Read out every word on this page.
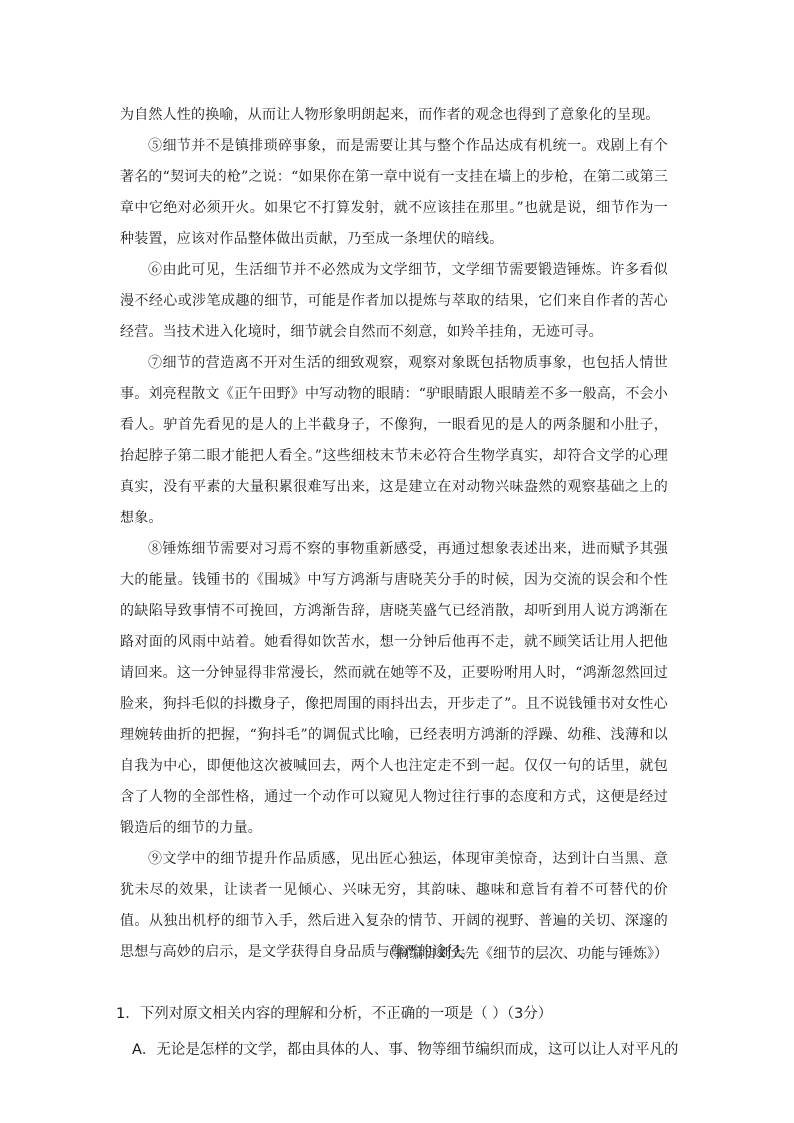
为自然人性的换喻，从而让人物形象明朗起来，而作者的观念也得到了意象化的呈现。

⑤细节并不是镇排琐碎事象，而是需要让其与整个作品达成有机统一。戏剧上有个著名的“契诃夫的枪”之说：“如果你在第一章中说有一支挂在墙上的步枪，在第二或第三章中它绝对必须开火。如果它不打算发射，就不应该挂在那里。”也就是说，细节作为一种装置，应该对作品整体做出贡献，乃至成一条埋伏的暗线。

⑥由此可见，生活细节并不必然成为文学细节，文学细节需要锻造锤炼。许多看似漫不经心或涉笔成趣的细节，可能是作者加以提炼与萃取的结果，它们来自作者的苦心经营。当技术进入化境时，细节就会自然而不刻意，如羚羊挂角，无迹可寻。

⑦细节的营造离不开对生活的细致观察，观察对象既包括物质事象，也包括人情世事。刘亮程散文《正午田野》中写动物的眼睛：“驴眼睛跟人眼睛差不多一般高，不会小看人。驴首先看见的是人的上半截身子，不像狗，一眼看见的是人的两条腿和小肚子，抬起脖子第二眼才能把人看全。”这些细枝末节未必符合生物学真实，却符合文学的心理真实，没有平素的大量积累很难写出来，这是建立在对动物兴味盎然的观察基础之上的想象。

⑧锤炼细节需要对习焉不察的事物重新感受，再通过想象表述出来，进而赋予其强大的能量。钱锺书的《围城》中写方鸿渐与唐晓芙分手的时候，因为交流的误会和个性的缺陷导致事情不可挽回，方鸿渐告辞，唐晓芙盛气已经消散，却听到用人说方鸿渐在路对面的风雨中站着。她看得如饮苦水，想一分钟后他再不走，就不顾笑话让用人把他请回来。这一分钟显得非常漫长，然而就在她等不及，正要吩咐用人时，“鸿渐忽然回过脸来，狗抖毛似的抖擞身子，像把周围的雨抖出去，开步走了”。且不说钱锺书对女性心理婉转曲折的把握，“狗抖毛”的调侃式比喻，已经表明方鸿渐的浮躁、幼稚、浅薄和以自我为中心，即便他这次被喊回去，两个人也注定走不到一起。仅仅一句的话里，就包含了人物的全部性格，通过一个动作可以窥见人物过往行事的态度和方式，这便是经过锻造后的细节的力量。

⑨文学中的细节提升作品质感，见出匠心独运，体现审美惊奇，达到计白当黑、意犹未尽的效果，让读者一见倾心、兴味无穷，其韵味、趣味和意旨有着不可替代的价值。从独出机杼的细节入手，然后进入复杂的情节、开阔的视野、普遍的关切、深邃的思想与高妙的启示，是文学获得自身品质与尊严的途径。

（摘编自刘大先《细节的层次、功能与锤炼》）

1．下列对原文相关内容的理解和分析，不正确的一项是（ ）（3分）

A．无论是怎样的文学，都由具体的人、事、物等细节编织而成，这可以让人对平凡的
